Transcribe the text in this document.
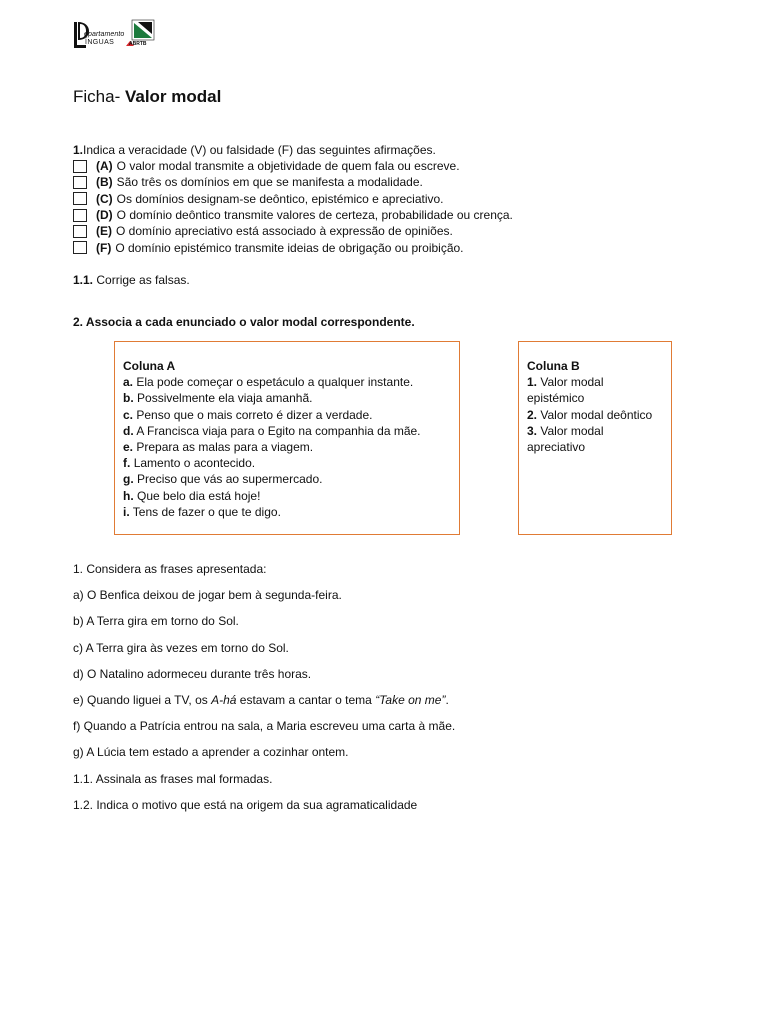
epartamento
ÍNGUAS	ABRTB
Ficha- Valor modal
1.Indica a veracidade (V) ou falsidade (F) das seguintes afirmações.
(A) O valor modal transmite a objetividade de quem fala ou escreve.
(B) São três os domínios em que se manifesta a modalidade.
(C) Os domínios designam-se deôntico, epistémico e apreciativo.
(D) O domínio deôntico transmite valores de certeza, probabilidade ou crença.
(E) O domínio apreciativo está associado à expressão de opiniões.
(F) O domínio epistémico transmite ideias de obrigação ou proibição.
1.1. Corrige as falsas.
2. Associa a cada enunciado o valor modal correspondente.
Coluna A
a. Ela pode começar o espetáculo a qualquer instante.
b. Possivelmente ela viaja amanhã.
c. Penso que o mais correto é dizer a verdade.
d. A Francisca viaja para o Egito na companhia da mãe.
e. Prepara as malas para a viagem.
f. Lamento o acontecido.
g. Preciso que vás ao supermercado.
h. Que belo dia está hoje!
i. Tens de fazer o que te digo.
Coluna B
1. Valor modal
epistémico
2. Valor modal deôntico
3. Valor modal
apreciativo
1. Considera as frases apresentada:
a) O Benfica deixou de jogar bem à segunda-feira.
b) A Terra gira em torno do Sol.
c) A Terra gira às vezes em torno do Sol.
d) O Natalino adormeceu durante três horas.
e) Quando liguei a TV, os A-há estavam a cantar o tema “Take on me”.
f) Quando a Patrícia entrou na sala, a Maria escreveu uma carta à mãe.
g) A Lúcia tem estado a aprender a cozinhar ontem.
1.1. Assinala as frases mal formadas.
1.2. Indica o motivo que está na origem da sua agramaticalidade
